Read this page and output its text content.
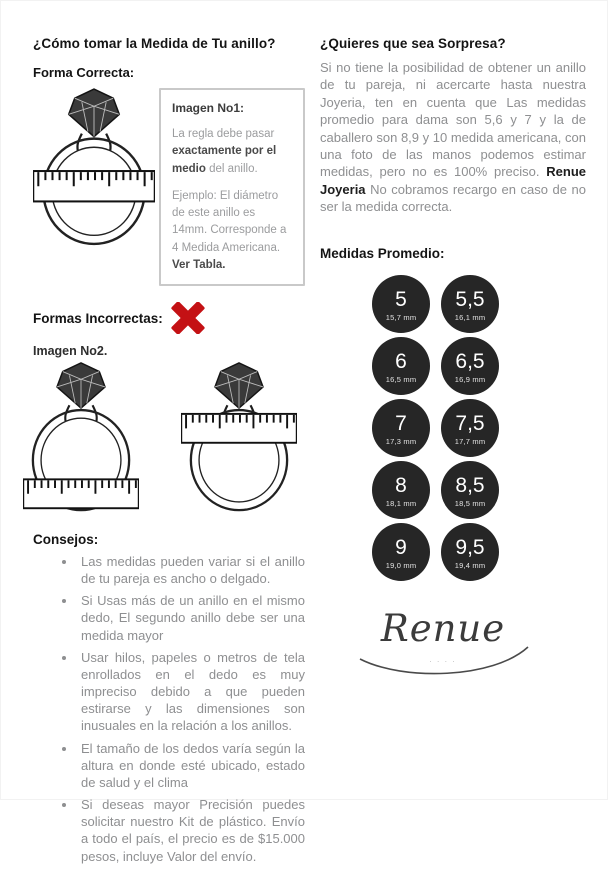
¿Cómo tomar la Medida de Tu anillo?
Forma Correcta:
Imagen No1:

La regla debe pasar exactamente por el medio del anillo.

Ejemplo: El diámetro de este anillo es 14mm. Corresponde a 4 Medida Americana. Ver Tabla.

Formas Incorrectas:
Imagen No2.
Consejos:
• Las medidas pueden variar si el anillo de tu pareja es ancho o delgado.
• Si Usas más de un anillo en el mismo dedo, El segundo anillo debe ser una medida mayor
• Usar hilos, papeles o metros de tela enrollados en el dedo es muy impreciso debido a que pueden estirarse y las dimensiones son inusuales en la relación a los anillos.
• El tamaño de los dedos varía según la altura en donde esté ubicado, estado de salud y el clima
• Si deseas mayor Precisión puedes solicitar nuestro Kit de plástico. Envío a todo el país, el precio es de $15.000 pesos, incluye Valor del envío.
¿Quieres que sea Sorpresa?

Si no tiene la posibilidad de obtener un anillo de tu pareja, ni acercarte hasta nuestra Joyeria, ten en cuenta que Las medidas promedio para dama son 5,6 y 7 y la de caballero son 8,9 y 10 medida americana, con una foto de las manos podemos estimar medidas, pero no es 100% preciso. Renue Joyeria No cobramos recargo en caso de no ser la medida correcta.

Medidas Promedio:
5
15,7 mm
5,5
16,1 mm
6
16,5 mm
6,5
16,9 mm
7
17,3 mm
7,5
17,7 mm
8
18,1 mm
8,5
18,5 mm
9
19,0 mm
9,5
19,4 mm
Renue
· · · ·
